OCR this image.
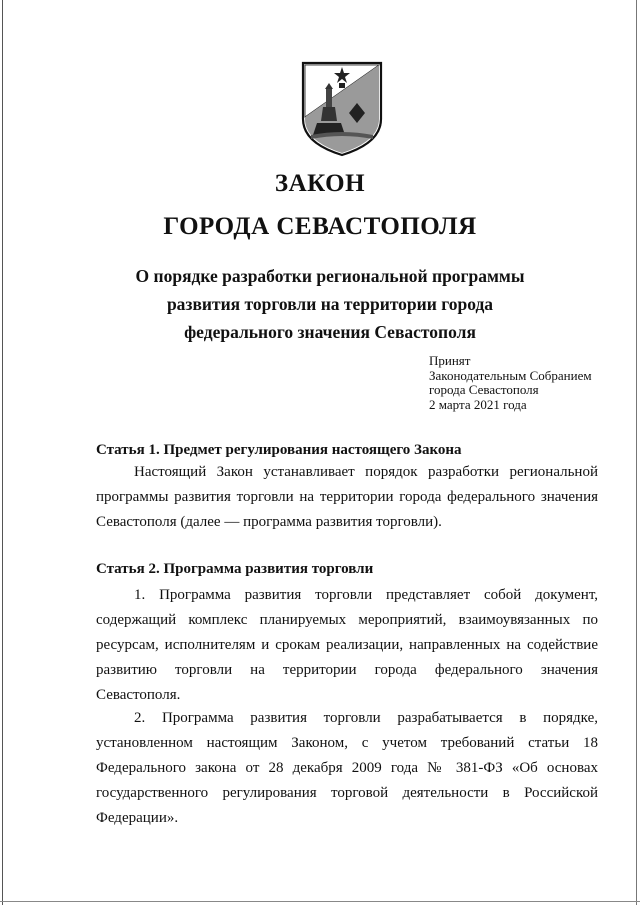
ЗАКОН
ГОРОДА СЕВАСТОПОЛЯ
О порядке разработки региональной программы
развития торговли на территории города
федерального значения Севастополя
Принят
Законодательным Собранием
города Севастополя
2 марта 2021 года
Статья 1. Предмет регулирования настоящего Закона
Настоящий Закон устанавливает порядок разработки региональной
программы развития торговли на территории города федерального значения
Севастополя (далее — программа развития торговли).
Статья 2. Программа развития торговли
1. Программа развития торговли представляет собой документ,
содержащий комплекс планируемых мероприятий, взаимоувязанных по
ресурсам, исполнителям и срокам реализации, направленных на содействие
развитию торговли на территории города федерального значения
Севастополя.
2. Программа развития торговли разрабатывается в порядке,
установленном настоящим Законом, с учетом требований статьи 18
Федерального закона от 28 декабря 2009 года № 381-ФЗ «Об основах
государственного регулирования торговой деятельности в Российской
Федерации».
